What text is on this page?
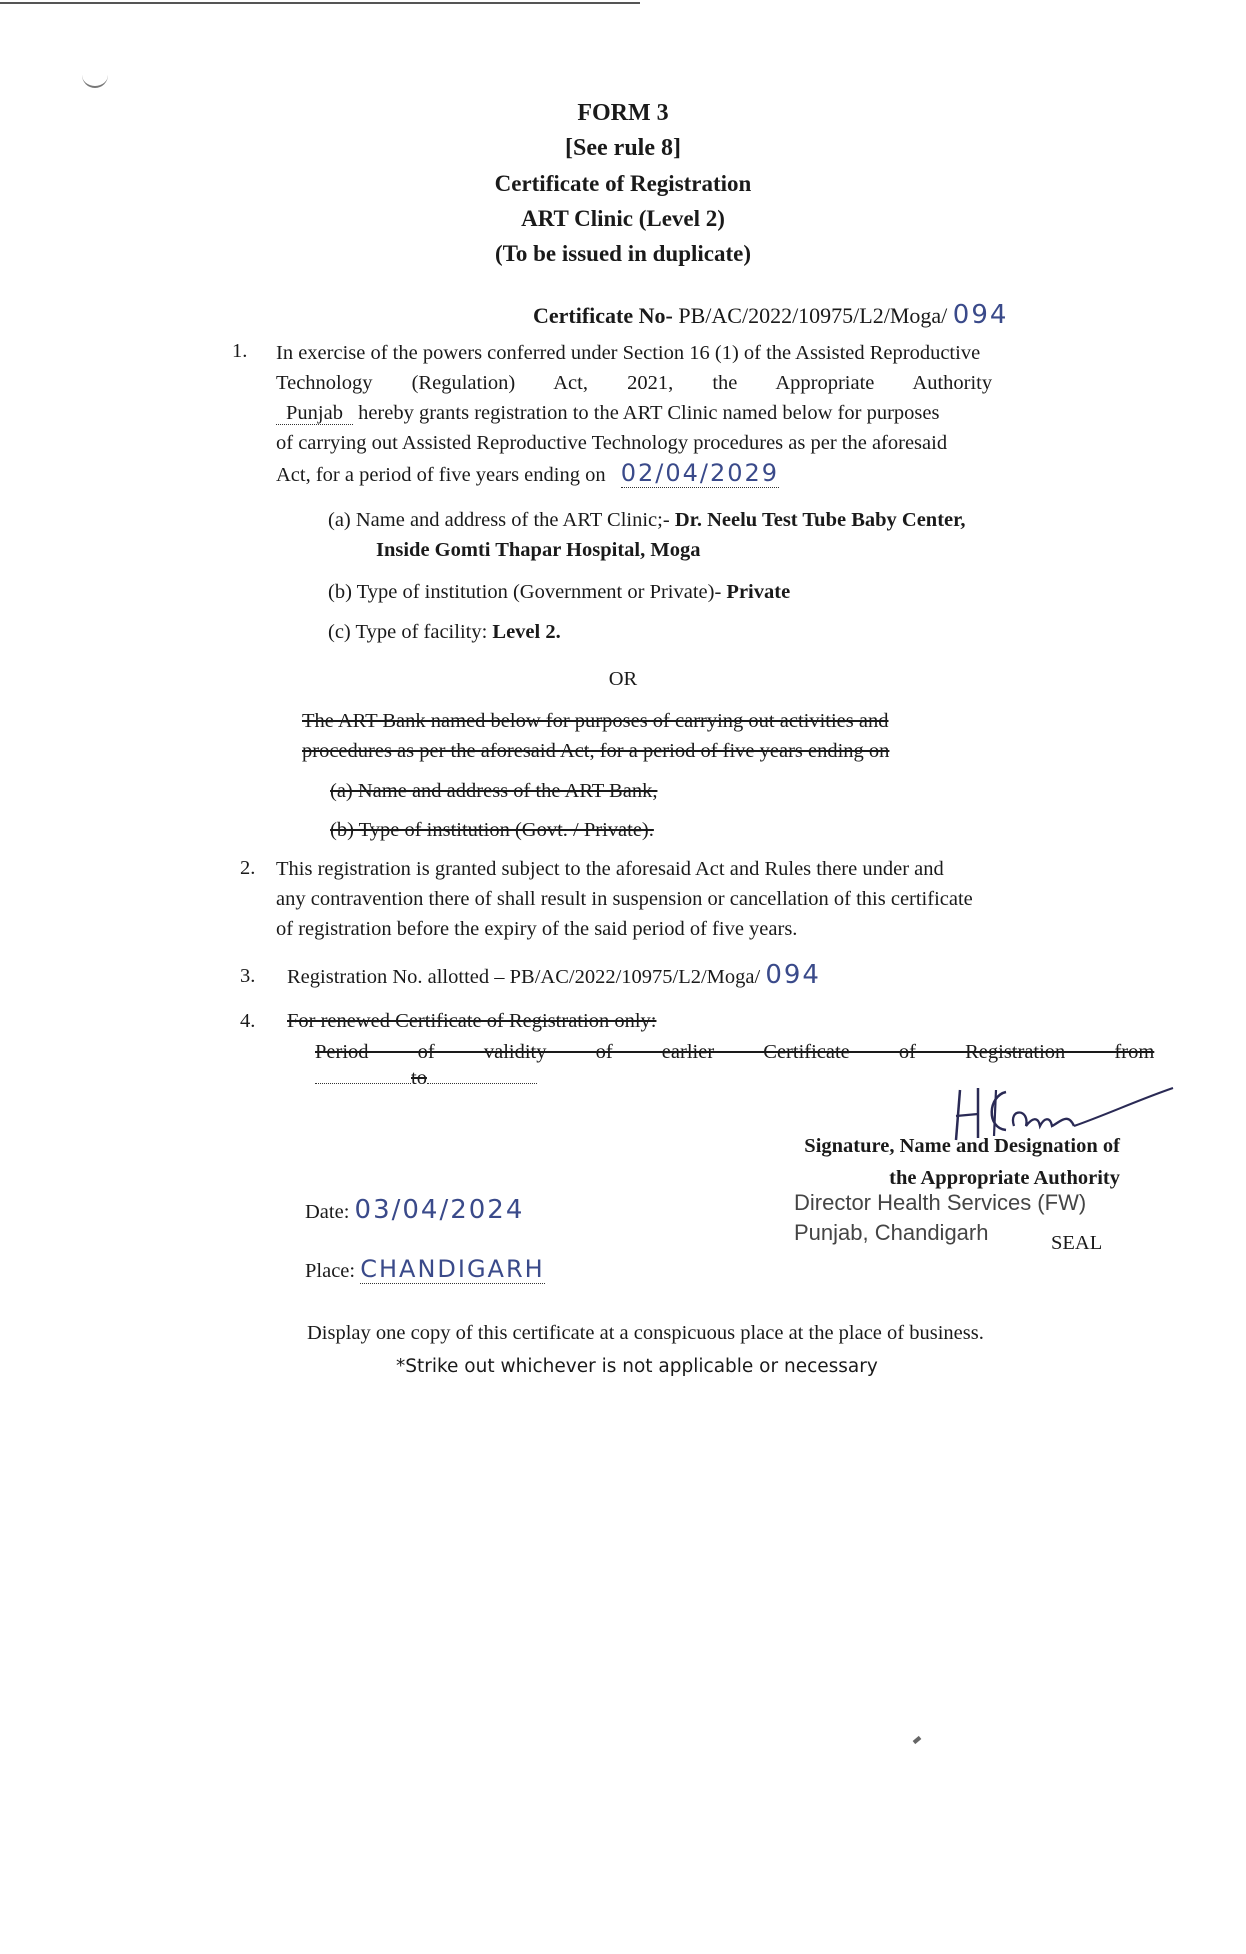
FORM 3
[See rule 8]
Certificate of Registration
ART Clinic (Level 2)
(To be issued in duplicate)
Certificate No- PB/AC/2022/10975/L2/Moga/ 094
1. In exercise of the powers conferred under Section 16 (1) of the Assisted Reproductive
Technology (Regulation) Act, 2021, the Appropriate Authority
Punjab hereby grants registration to the ART Clinic named below for purposes
of carrying out Assisted Reproductive Technology procedures as per the aforesaid
Act, for a period of five years ending on 02/04/2029
(a) Name and address of the ART Clinic;- Dr. Neelu Test Tube Baby Center,
Inside Gomti Thapar Hospital, Moga
(b) Type of institution (Government or Private)- Private
(c) Type of facility: Level 2.
OR
The ART Bank named below for purposes of carrying out activities and
procedures as per the aforesaid Act, for a period of five years ending on
(a) Name and address of the ART Bank,
(b) Type of institution (Govt. / Private).
2. This registration is granted subject to the aforesaid Act and Rules there under and
any contravention there of shall result in suspension or cancellation of this certificate
of registration before the expiry of the said period of five years.
3. Registration No. allotted – PB/AC/2022/10975/L2/Moga/ 094
4. For renewed Certificate of Registration only:
Period of validity of earlier Certificate of Registration from
to
Signature, Name and Designation of
the Appropriate Authority
Director Health Services (FW)
Punjab, Chandigarh	SEAL
Date: 03/04/2024
Place: CHANDIGARH
Display one copy of this certificate at a conspicuous place at the place of business.
*Strike out whichever is not applicable or necessary
